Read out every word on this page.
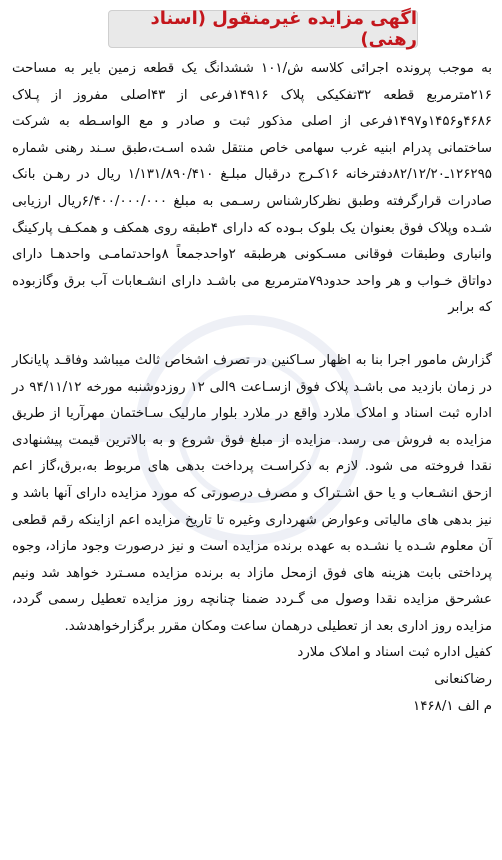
اگهی مزایده غیرمنقول (اسناد رهنی)

به موجب پرونده اجرائی کلاسه ش/۱۰۱ ششدانگ یک قطعه زمین بایر به مساحت ۲۱۶مترمربع قطعه ۳۲تفکیکی پلاک ۱۴۹۱۶فرعی از ۴۳اصلی مفروز از پـلاک ۴۶۸۶و۱۴۵۶و۱۴۹۷فرعی از اصلی مذکور ثبت و صادر و مع الواسـطه به شرکت ساختمانی پدرام ابنیه غرب سهامی خاص منتقل شده اسـت،طبق سـند رهنی شماره ۱۲۶۲۹۵ـ۸۲/۱۲/۲۰دفترخانه ۱۶کـرج درقبال مبلـغ ۱/۱۳۱/۸۹۰/۴۱۰ ریال در رهـن بانک صادرات قرارگرفته وطبق نظرکارشناس رسـمی به مبلغ ۶/۴۰۰/۰۰۰/۰۰۰ریال ارزیابی شـده وپلاک فوق بعنوان یک بلوک بـوده که دارای ۴طبقه روی همکف و همکـف پارکینگ وانباری وطبقات فوقانی مسـکونی هرطبقه ۲واحدجمعاً ۸واحدتمامـی واحدهـا دارای دواتاق خـواب و هر واحد حدود۷۹مترمربع می باشـد دارای انشـعابات آب برق وگازبوده که برابر

گزارش مامور اجرا بنا به اظهار سـاکنین در تصرف اشخاص ثالث میباشد وفاقـد پایانکار در زمان بازدید می باشـد پلاک فوق ازسـاعت ۹الی ۱۲ روزدوشنبه مورخه ۹۴/۱۱/۱۲ در اداره ثبت اسناد و املاک ملارد واقع در ملارد بلوار مارلیک سـاختمان مهرآریا از طریق مزایده به فروش می رسد. مزایده از مبلغ فوق شروع و به بالاترین قیمت پیشنهادی نقدا فروخته می شود. لازم به ذکراسـت پرداخت بدهی های مربوط به،برق،گاز اعم ازحق انشـعاب و یا حق اشـتراک و مصرف درصورتی که مورد مزایده دارای آنها باشد و نیز بدهی های مالیاتی وعوارض شهرداری وغیره تا تاریخ مزایده اعم ازاینکه رقم قطعی آن معلوم شـده یا نشـده به عهده برنده مزایده است و نیز درصورت وجود مازاد، وجوه پرداختی بابت هزینه های فوق ازمحل مازاد به برنده مزایده مسـترد خواهد شد ونیم عشرحق مزایده نقدا وصول می گـردد ضمنا چنانچه روز مزایده تعطیل رسمی گردد، مزایده روز اداری بعد از تعطیلی درهمان ساعت ومکان مقرر برگزارخواهدشد.

کفیل اداره ثبت اسناد و املاک ملارد
رضاکنعانی
م الف ۱۴۶۸/۱
